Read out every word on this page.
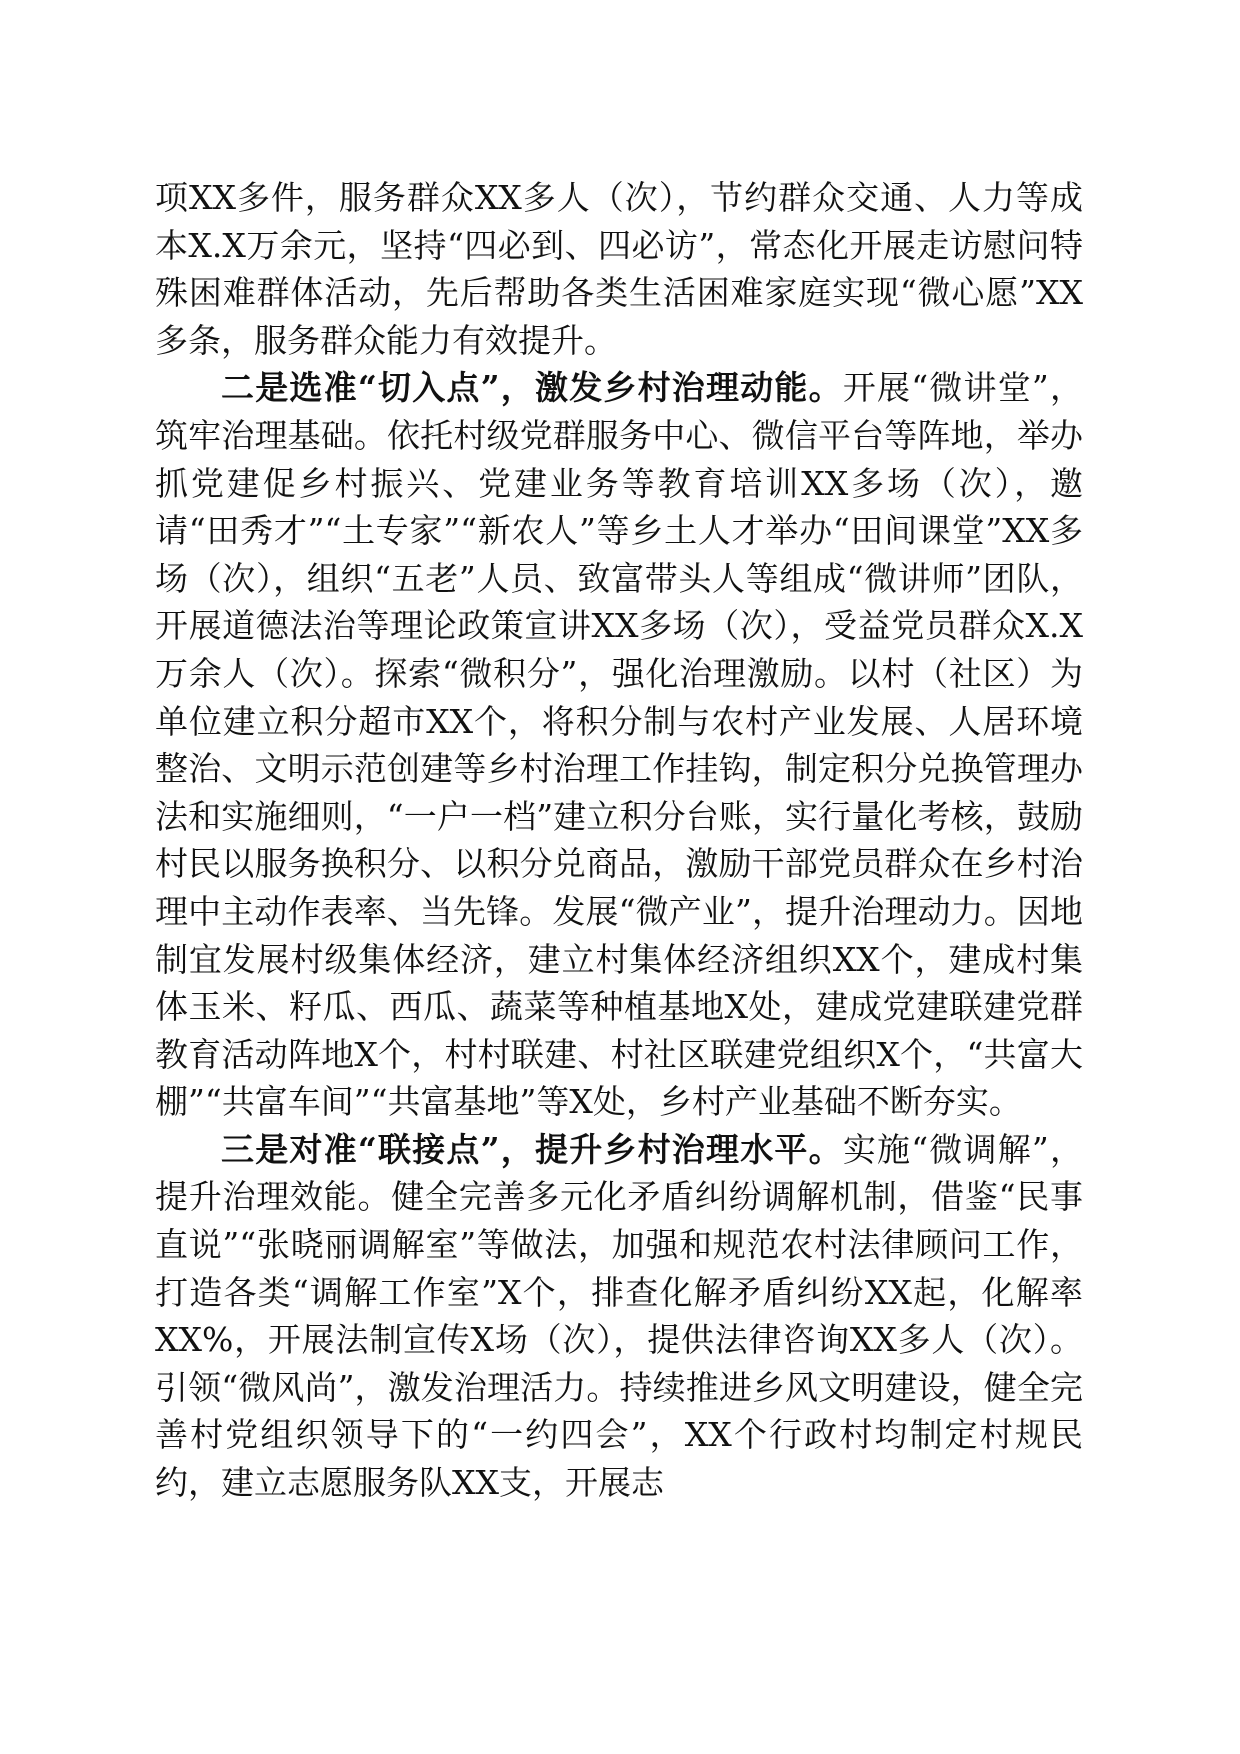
项XX多件，服务群众XX多人（次），节约群众交通、人力等成本X.X万余元，坚持“四必到、四必访”，常态化开展走访慰问特殊困难群体活动，先后帮助各类生活困难家庭实现“微心愿”XX多条，服务群众能力有效提升。

二是选准“切入点”，激发乡村治理动能。开展“微讲堂”，筑牢治理基础。依托村级党群服务中心、微信平台等阵地，举办抓党建促乡村振兴、党建业务等教育培训XX多场（次），邀请“田秀才”“土专家”“新农人”等乡土人才举办“田间课堂”XX多场（次），组织“五老”人员、致富带头人等组成“微讲师”团队，开展道德法治等理论政策宣讲XX多场（次），受益党员群众X.X万余人（次）。探索“微积分”，强化治理激励。以村（社区）为单位建立积分超市XX个，将积分制与农村产业发展、人居环境整治、文明示范创建等乡村治理工作挂钩，制定积分兑换管理办法和实施细则，“一户一档”建立积分台账，实行量化考核，鼓励村民以服务换积分、以积分兑商品，激励干部党员群众在乡村治理中主动作表率、当先锋。发展“微产业”，提升治理动力。因地制宜发展村级集体经济，建立村集体经济组织XX个，建成村集体玉米、籽瓜、西瓜、蔬菜等种植基地X处，建成党建联建党群教育活动阵地X个，村村联建、村社区联建党组织X个，“共富大棚”“共富车间”“共富基地”等X处，乡村产业基础不断夯实。

三是对准“联接点”，提升乡村治理水平。实施“微调解”，提升治理效能。健全完善多元化矛盾纠纷调解机制，借鉴“民事直说”“张晓丽调解室”等做法，加强和规范农村法律顾问工作，打造各类“调解工作室”X个，排查化解矛盾纠纷XX起，化解率XX%，开展法制宣传X场（次），提供法律咨询XX多人（次）。引领“微风尚”，激发治理活力。持续推进乡风文明建设，健全完善村党组织领导下的“一约四会”，XX个行政村均制定村规民约，建立志愿服务队XX支，开展志
